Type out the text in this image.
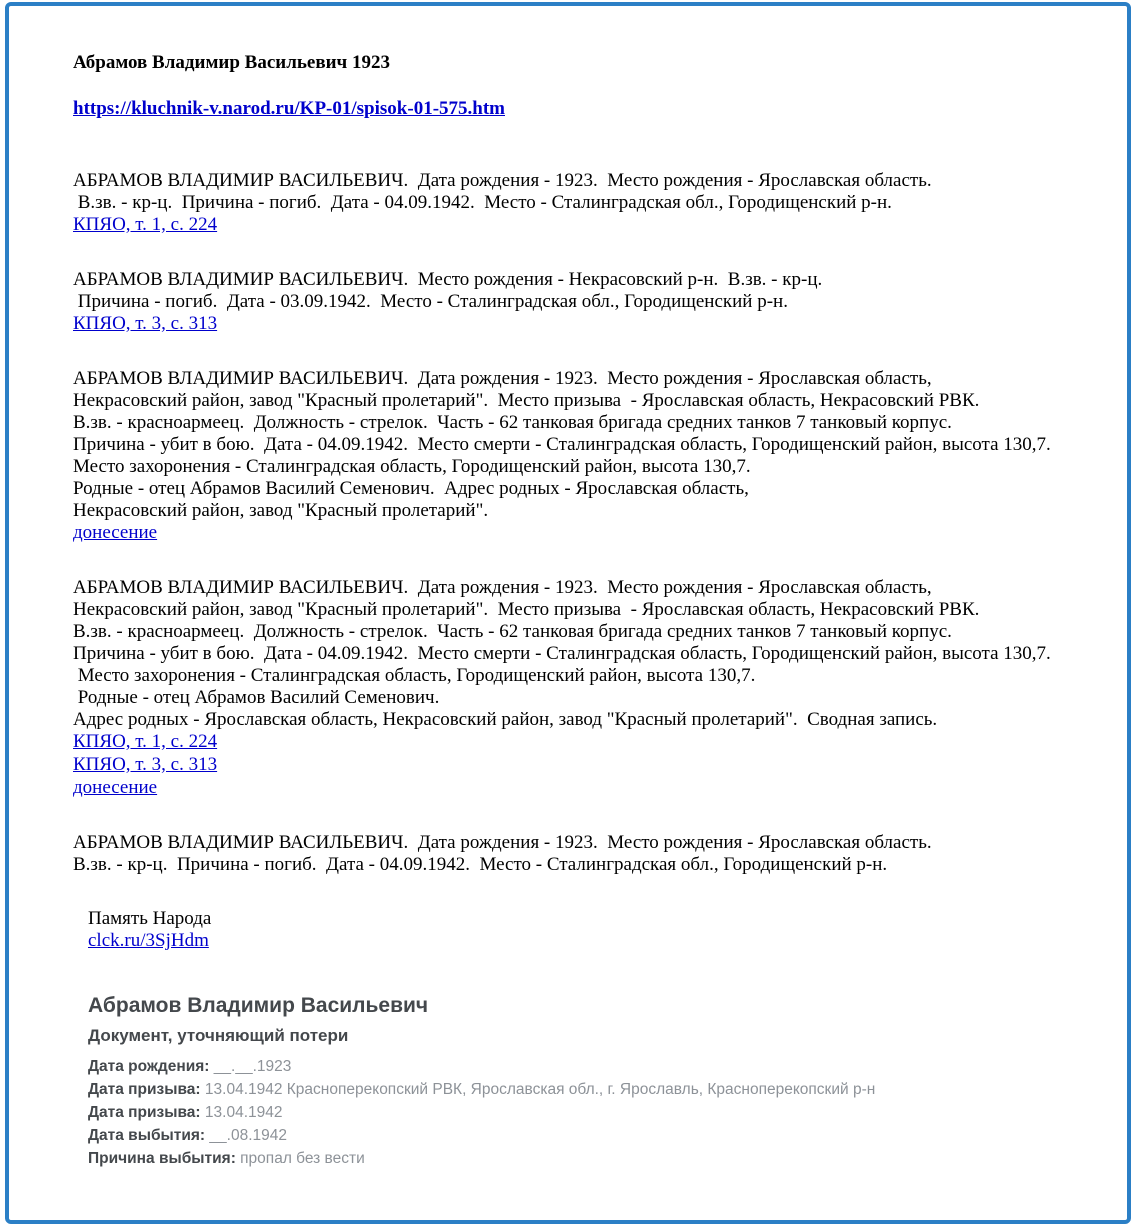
Абрамов Владимир Васильевич 1923
https://kluchnik-v.narod.ru/KP-01/spisok-01-575.htm
АБРАМОВ ВЛАДИМИР ВАСИЛЬЕВИЧ.  Дата рождения - 1923.  Место рождения - Ярославская область.
В.зв. - кр-ц.  Причина - погиб.  Дата - 04.09.1942.  Место - Сталинградская обл., Городищенский р-н.
КПЯО, т. 1, с. 224
АБРАМОВ ВЛАДИМИР ВАСИЛЬЕВИЧ.  Место рождения - Некрасовский р-н.  В.зв. - кр-ц.
Причина - погиб.  Дата - 03.09.1942.  Место - Сталинградская обл., Городищенский р-н.
КПЯО, т. 3, с. 313
АБРАМОВ ВЛАДИМИР ВАСИЛЬЕВИЧ.  Дата рождения - 1923.  Место рождения - Ярославская область,
Некрасовский район, завод "Красный пролетарий".  Место призыва  - Ярославская область, Некрасовский РВК.
В.зв. - красноармеец.  Должность - стрелок.  Часть - 62 танковая бригада средних танков 7 танковый корпус.
Причина - убит в бою.  Дата - 04.09.1942.  Место смерти - Сталинградская область, Городищенский район, высота 130,7.
Место захоронения - Сталинградская область, Городищенский район, высота 130,7.
Родные - отец Абрамов Василий Семенович.  Адрес родных - Ярославская область,
Некрасовский район, завод "Красный пролетарий".
донесение
АБРАМОВ ВЛАДИМИР ВАСИЛЬЕВИЧ.  Дата рождения - 1923.  Место рождения - Ярославская область,
Некрасовский район, завод "Красный пролетарий".  Место призыва  - Ярославская область, Некрасовский РВК.
В.зв. - красноармеец.  Должность - стрелок.  Часть - 62 танковая бригада средних танков 7 танковый корпус.
Причина - убит в бою.  Дата - 04.09.1942.  Место смерти - Сталинградская область, Городищенский район, высота 130,7.
Место захоронения - Сталинградская область, Городищенский район, высота 130,7.
Родные - отец Абрамов Василий Семенович.
Адрес родных - Ярославская область, Некрасовский район, завод "Красный пролетарий".  Сводная запись.
КПЯО, т. 1, с. 224
КПЯО, т. 3, с. 313
донесение
АБРАМОВ ВЛАДИМИР ВАСИЛЬЕВИЧ.  Дата рождения - 1923.  Место рождения - Ярославская область.
В.зв. - кр-ц.  Причина - погиб.  Дата - 04.09.1942.  Место - Сталинградская обл., Городищенский р-н.
Память Народа
clck.ru/3SjHdm
Абрамов Владимир Васильевич
Документ, уточняющий потери
Дата рождения: __.__.1923
Дата призыва: 13.04.1942 Красноперекопский РВК, Ярославская обл., г. Ярославль, Красноперекопский р-н
Дата призыва: 13.04.1942
Дата выбытия: __.08.1942
Причина выбытия: пропал без вести
